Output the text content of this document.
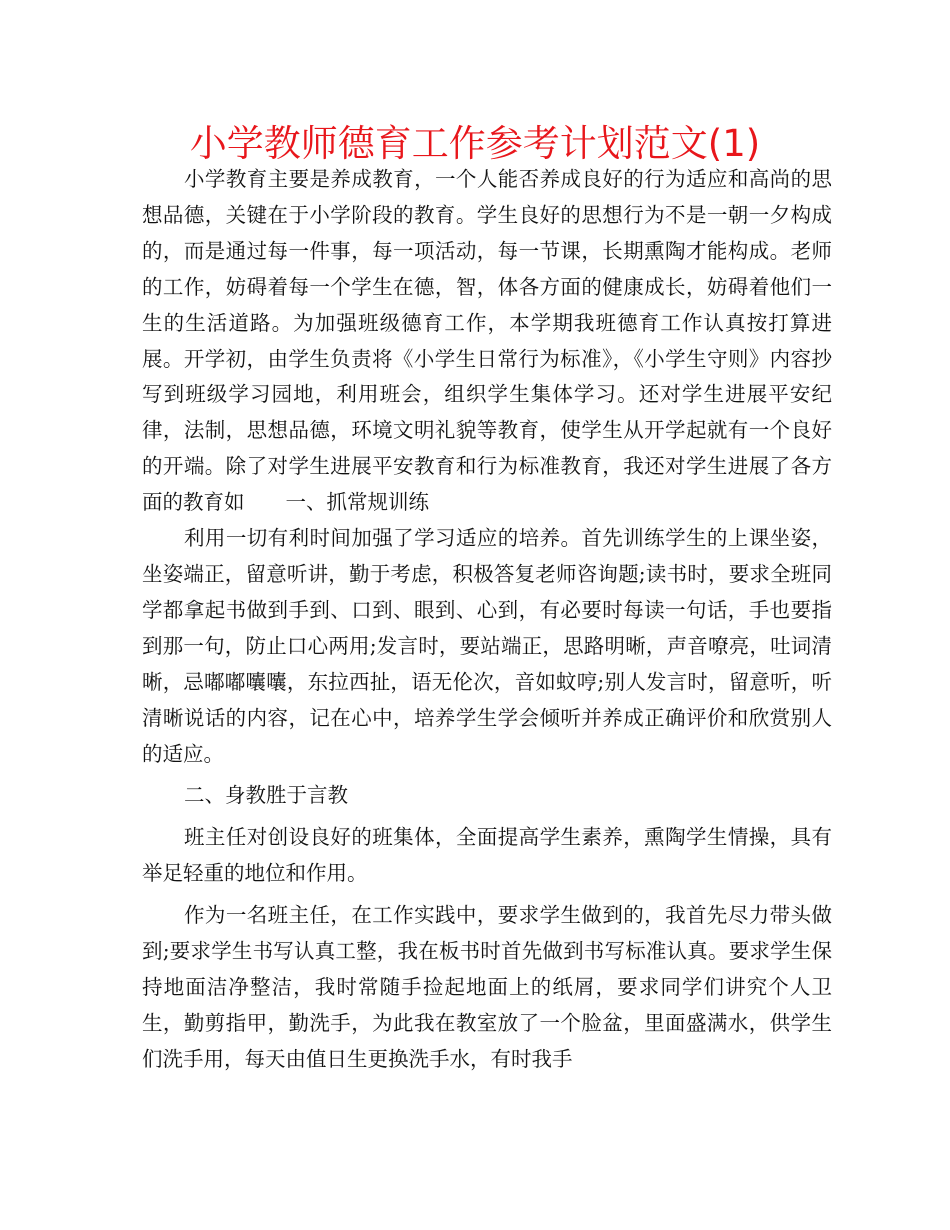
小学教师德育工作参考计划范文(1)

小学教育主要是养成教育，一个人能否养成良好的行为适应和高尚的思想品德，关键在于小学阶段的教育。学生良好的思想行为不是一朝一夕构成的，而是通过每一件事，每一项活动，每一节课，长期熏陶才能构成。老师的工作，妨碍着每一个学生在德，智，体各方面的健康成长，妨碍着他们一生的生活道路。为加强班级德育工作，本学期我班德育工作认真按打算进展。开学初，由学生负责将《小学生日常行为标准》，《小学生守则》内容抄写到班级学习园地，利用班会，组织学生集体学习。还对学生进展平安纪律，法制，思想品德，环境文明礼貌等教育，使学生从开学起就有一个良好的开端。除了对学生进展平安教育和行为标准教育，我还对学生进展了各方面的教育如　　一、抓常规训练

利用一切有利时间加强了学习适应的培养。首先训练学生的上课坐姿，坐姿端正，留意听讲，勤于考虑，积极答复老师咨询题;读书时，要求全班同学都拿起书做到手到、口到、眼到、心到，有必要时每读一句话，手也要指到那一句，防止口心两用;发言时，要站端正，思路明晰，声音嘹亮，吐词清晰，忌嘟嘟囔囔，东拉西扯，语无伦次，音如蚊哼;别人发言时，留意听，听清晰说话的内容，记在心中，培养学生学会倾听并养成正确评价和欣赏别人的适应。

二、身教胜于言教

班主任对创设良好的班集体，全面提高学生素养，熏陶学生情操，具有举足轻重的地位和作用。

作为一名班主任，在工作实践中，要求学生做到的，我首先尽力带头做到;要求学生书写认真工整，我在板书时首先做到书写标准认真。要求学生保持地面洁净整洁，我时常随手捡起地面上的纸屑，要求同学们讲究个人卫生，勤剪指甲，勤洗手，为此我在教室放了一个脸盆，里面盛满水，供学生们洗手用，每天由值日生更换洗手水，有时我手
